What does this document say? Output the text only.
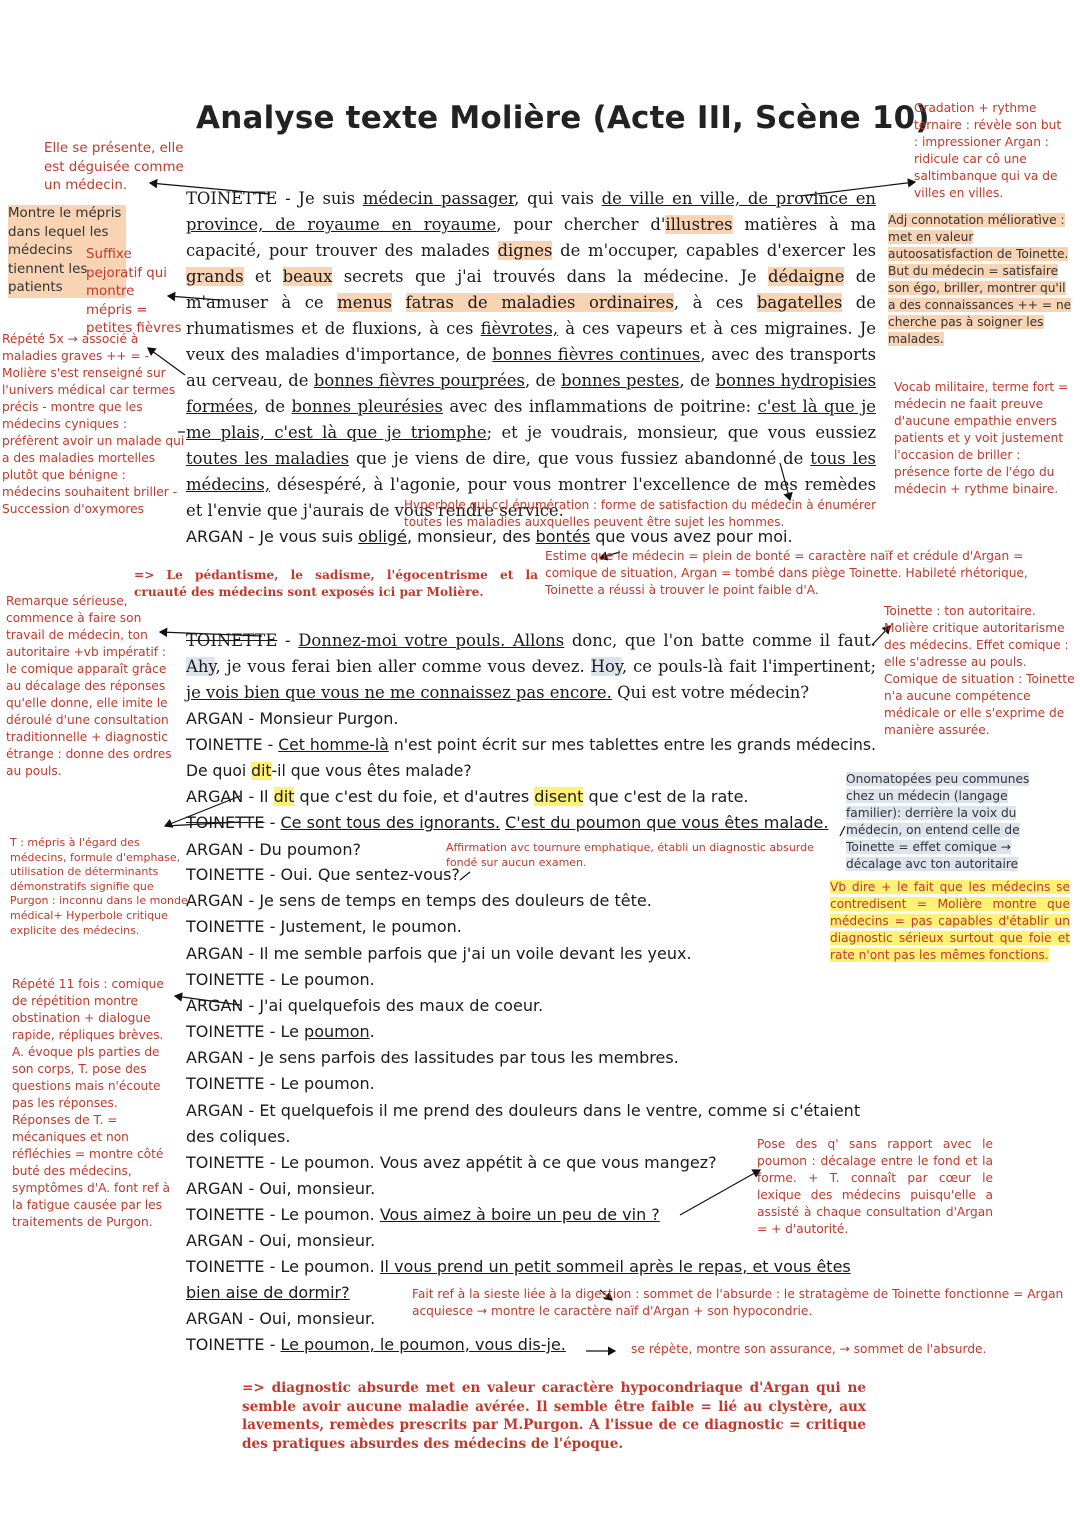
Analyse texte Molière (Acte III, Scène 10)
TOINETTE - Je suis médecin passager, qui vais de ville en ville, de province en province, de royaume en royaume, pour chercher d'illustres matières à ma capacité, pour trouver des malades dignes de m'occuper, capables d'exercer les grands et beaux secrets que j'ai trouvés dans la médecine. Je dédaigne de m'amuser à ce menus fatras de maladies ordinaires, à ces bagatelles de rhumatismes et de fluxions, à ces fièvrotes, à ces vapeurs et à ces migraines. Je veux des maladies d'importance, de bonnes fièvres continues, avec des transports au cerveau, de bonnes fièvres pourprées, de bonnes pestes, de bonnes hydropisies formées, de bonnes pleurésies avec des inflammations de poitrine: c'est là que je me plais, c'est là que je triomphe; et je voudrais, monsieur, que vous eussiez toutes les maladies que je viens de dire, que vous fussiez abandonné de tous les médecins, désespéré, à l'agonie, pour vous montrer l'excellence de mes remèdes et l'envie que j'aurais de vous rendre service.
ARGAN - Je vous suis obligé, monsieur, des bontés que vous avez pour moi.
TOINETTE - Donnez-moi votre pouls. Allons donc, que l'on batte comme il faut. Ahy, je vous ferai bien aller comme vous devez. Hoy, ce pouls-là fait l'impertinent; je vois bien que vous ne me connaissez pas encore. Qui est votre médecin?
ARGAN - Monsieur Purgon.
TOINETTE - Cet homme-là n'est point écrit sur mes tablettes entre les grands médecins. De quoi dit-il que vous êtes malade?
ARGAN - Il dit que c'est du foie, et d'autres disent que c'est de la rate.
TOINETTE - Ce sont tous des ignorants. C'est du poumon que vous êtes malade.
ARGAN - Du poumon?
TOINETTE - Oui. Que sentez-vous?
ARGAN - Je sens de temps en temps des douleurs de tête.
TOINETTE - Justement, le poumon.
ARGAN - Il me semble parfois que j'ai un voile devant les yeux.
TOINETTE - Le poumon.
ARGAN - J'ai quelquefois des maux de coeur.
TOINETTE - Le poumon.
ARGAN - Je sens parfois des lassitudes par tous les membres.
TOINETTE - Le poumon.
ARGAN - Et quelquefois il me prend des douleurs dans le ventre, comme si c'étaient des coliques.
TOINETTE - Le poumon. Vous avez appétit à ce que vous mangez?
ARGAN - Oui, monsieur.
TOINETTE - Le poumon. Vous aimez à boire un peu de vin ?
ARGAN - Oui, monsieur.
TOINETTE - Le poumon. Il vous prend un petit sommeil après le repas, et vous êtes bien aise de dormir?
ARGAN - Oui, monsieur.
TOINETTE - Le poumon, le poumon, vous dis-je.
Elle se présente, elle est déguisée comme un médecin.
Montre le mépris dans lequel les médecins tiennent les patients
Suffixe pejoratif qui montre mépris = petites fièvres
Répété 5x → associé à maladies graves ++ = -Molière s'est renseigné sur l'univers médical car termes précis - montre que les médecins cyniques : préfèrent avoir un malade qui a des maladies mortelles plutôt que bénigne : médecins souhaitent briller - Succession d'oxymores
Remarque sérieuse, commence à faire son travail de médecin, ton autoritaire +vb impératif : le comique apparaît grâce au décalage des réponses qu'elle donne, elle imite le déroulé d'une consultation traditionnelle + diagnostic étrange : donne des ordres au pouls.
T : mépris à l'égard des médecins, formule d'emphase, utilisation de déterminants démonstratifs signifie que Purgon : inconnu dans le monde médical+ Hyperbole critique explicite des médecins.
Répété 11 fois : comique de répétition montre obstination + dialogue rapide, répliques brèves. A. évoque pls parties de son corps, T. pose des questions mais n'écoute pas les réponses. Réponses de T. = mécaniques et non réfléchies = montre côté buté des médecins, symptômes d'A. font ref à la fatigue causée par les traitements de Purgon.
Gradation + rythme ternaire : révèle son but : impressioner Argan : ridicule car cô une saltimbanque qui va de villes en villes.
Adj connotation mélioratìve : met en valeur autoosatisfaction de Toinette. But du médecin = satisfaire son égo, briller, montrer qu'il a des connaissances ++ = ne cherche pas à soigner les malades.
Vocab militaire, terme fort = médecin ne faait preuve d'aucune empathie envers patients et y voit justement l'occasion de briller : présence forte de l'égo du médecin + rythme binaire.
Toinette : ton autoritaire. Molière critique autoritarisme des médecins. Effet comique : elle s'adresse au pouls. Comique de situation : Toinette n'a aucune compétence médicale or elle s'exprime de manière assurée.
Onomatopées peu communes chez un médecin (langage familier): derrière la voix du médecin, on entend celle de Toinette = effet comique → décalage avc ton autoritaire
Vb dire + le fait que les médecins se contredisent = Molière montre que médecins = pas capables d'établir un diagnostic sérieux surtout que foie et rate n'ont pas les mêmes fonctions.
Pose des q' sans rapport avec le poumon : décalage entre le fond et la forme. + T. connaît par cœur le lexique des médecins puisqu'elle a assisté à chaque consultation d'Argan = + d'autorité.
Hyperbole qui ccl énumération : forme de satisfaction du médecin à énumérer toutes les maladies auxquelles peuvent être sujet les hommes.
Estime que le médecin = plein de bonté = caractère naïf et crédule d'Argan = comique de situation, Argan = tombé dans piège Toinette. Habileté rhétorique, Toinette a réussi à trouver le point faible d'A.
=> Le pédantisme, le sadisme, l'égocentrisme et la cruauté des médecins sont exposés ici par Molière.
Affirmation avc tournure emphatique, établi un diagnostic absurde fondé sur aucun examen.
Fait ref à la sieste liée à la digestion : sommet de l'absurde : le stratagème de Toinette fonctionne = Argan acquiesce → montre le caractère naïf d'Argan + son hypocondrie.
se répète, montre son assurance, → sommet de l'absurde.
=> diagnostic absurde met en valeur caractère hypocondriaque d'Argan qui ne semble avoir aucune maladie avérée. Il semble être faible = lié au clystère, aux lavements, remèdes prescrits par M.Purgon. A l'issue de ce diagnostic = critique des pratiques absurdes des médecins de l'époque.
